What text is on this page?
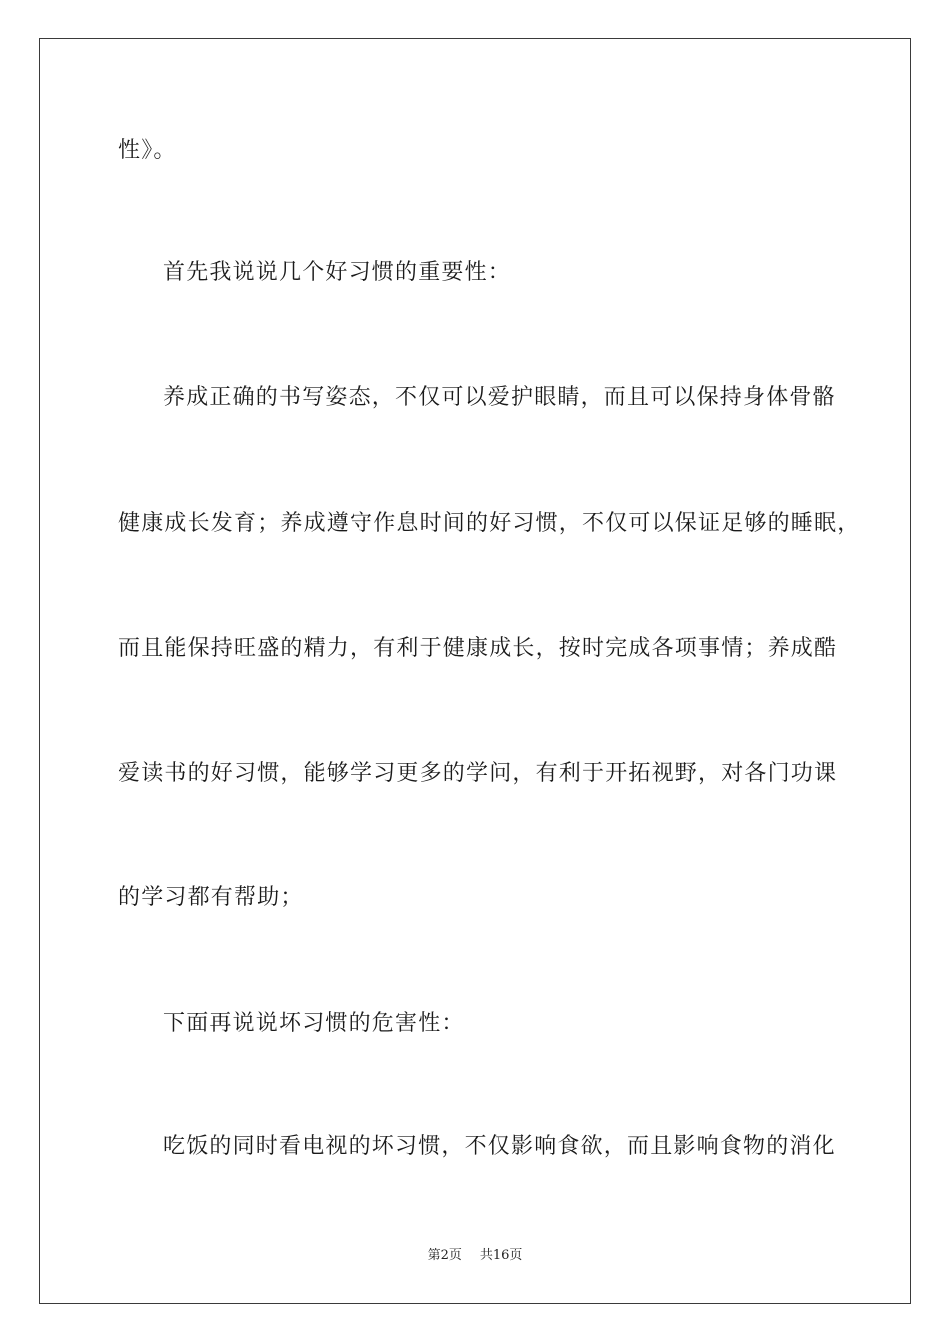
性》。
首先我说说几个好习惯的重要性：
养成正确的书写姿态，不仅可以爱护眼睛，而且可以保持身体骨骼
健康成长发育；养成遵守作息时间的好习惯，不仅可以保证足够的睡眠，
而且能保持旺盛的精力，有利于健康成长，按时完成各项事情；养成酷
爱读书的好习惯，能够学习更多的学问，有利于开拓视野，对各门功课
的学习都有帮助；
下面再说说坏习惯的危害性：
吃饭的同时看电视的坏习惯，不仅影响食欲，而且影响食物的消化
第2页 共16页
